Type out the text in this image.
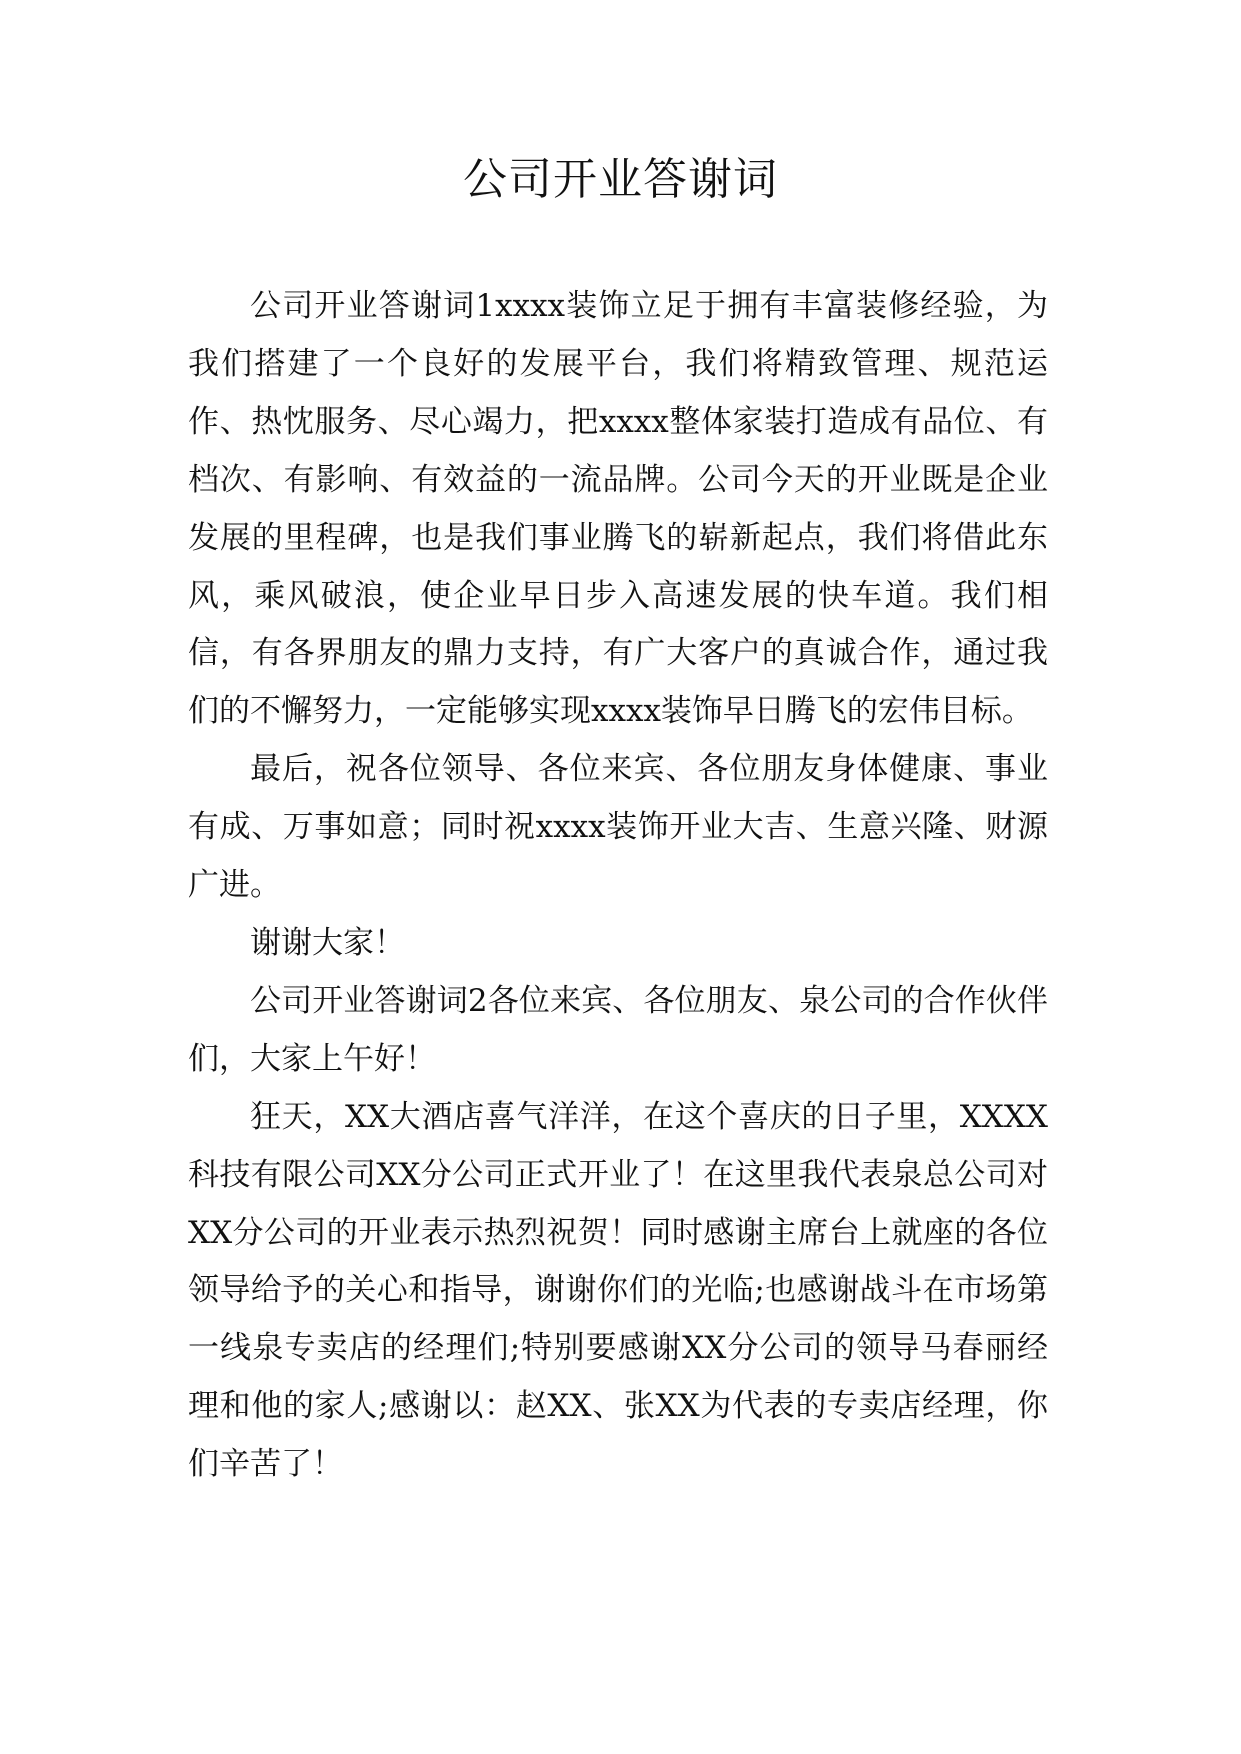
公司开业答谢词

公司开业答谢词1xxxx装饰立足于拥有丰富装修经验，为我们搭建了一个良好的发展平台，我们将精致管理、规范运作、热忱服务、尽心竭力，把xxxx整体家装打造成有品位、有档次、有影响、有效益的一流品牌。公司今天的开业既是企业发展的里程碑，也是我们事业腾飞的崭新起点，我们将借此东风，乘风破浪，使企业早日步入高速发展的快车道。我们相信，有各界朋友的鼎力支持，有广大客户的真诚合作，通过我们的不懈努力，一定能够实现xxxx装饰早日腾飞的宏伟目标。

最后，祝各位领导、各位来宾、各位朋友身体健康、事业有成、万事如意；同时祝xxxx装饰开业大吉、生意兴隆、财源广进。

谢谢大家！

公司开业答谢词2各位来宾、各位朋友、泉公司的合作伙伴们，大家上午好！

狂天，XX大酒店喜气洋洋，在这个喜庆的日子里，XXXX科技有限公司XX分公司正式开业了！在这里我代表泉总公司对XX分公司的开业表示热烈祝贺！同时感谢主席台上就座的各位领导给予的关心和指导，谢谢你们的光临;也感谢战斗在市场第一线泉专卖店的经理们;特别要感谢XX分公司的领导马春丽经理和他的家人;感谢以：赵XX、张XX为代表的专卖店经理，你们辛苦了！
